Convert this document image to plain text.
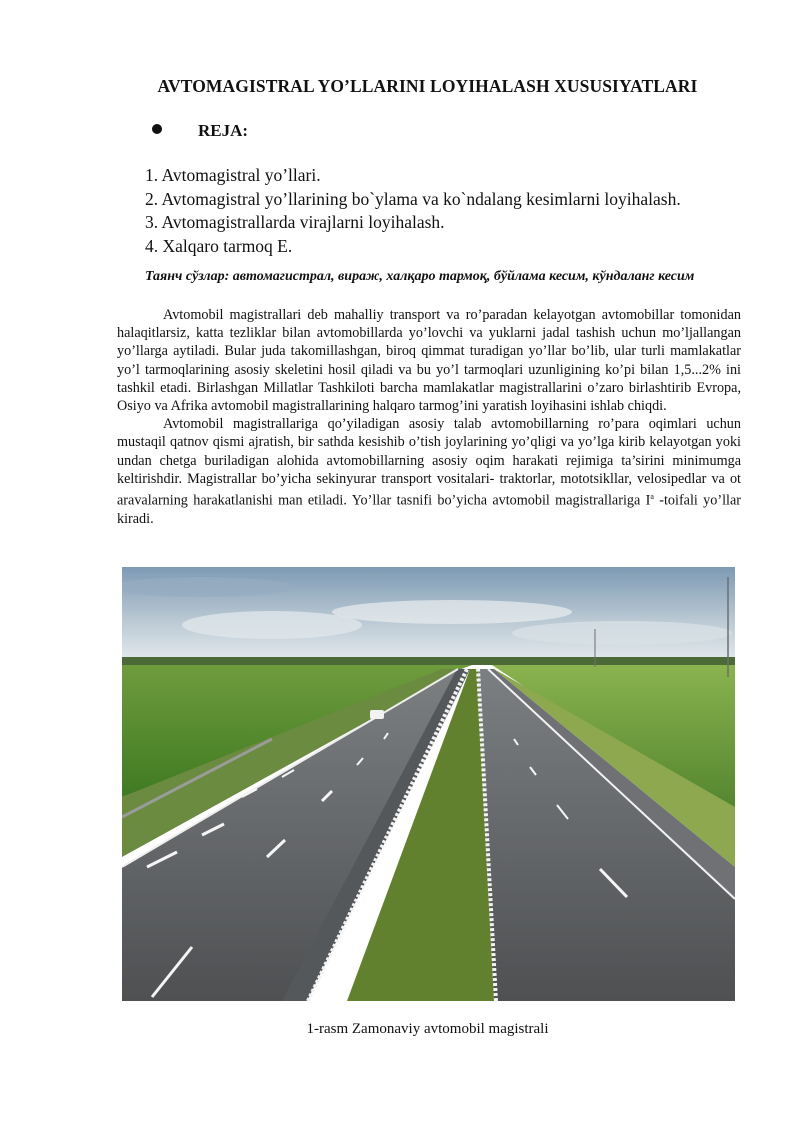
AVTOMAGISTRAL YO’LLARINI LOYIHALASH XUSUSIYATLARI
REJA:
1. Avtomagistral yo’llari.
2. Avtomagistral yo’llarining bo`ylama va ko`ndalang kesimlarni loyihalash.
3. Avtomagistrallarda virajlarni loyihalash.
4. Xalqaro tarmoq E.
Таянч сўзлар: автомагистрал, вираж, халқаро тармоқ, бўйлама кесим, кўндаланг кесим

Avtomobil magistrallari deb mahalliy transport va ro’paradan kelayotgan avtomobillar tomonidan halaqitlarsiz, katta tezliklar bilan avtomobillarda yo’lovchi va yuklarni jadal tashish uchun mo’ljallangan yo’llarga aytiladi. Bular juda takomillashgan, biroq qimmat turadigan yo’llar bo’lib, ular turli mamlakatlar yo’l tarmoqlarining asosiy skeletini hosil qiladi va bu yo’l tarmoqlari uzunligining ko’pi bilan 1,5...2% ini tashkil etadi. Birlashgan Millatlar Tashkiloti barcha mamlakatlar magistrallarini o’zaro birlashtirib Evropa, Osiyo va Afrika avtomobil magistrallarining halqaro tarmog’ini yaratish loyihasini ishlab chiqdi.

Avtomobil magistrallariga qo’yiladigan asosiy talab avtomobillarning ro’para oqimlari uchun mustaqil qatnov qismi ajratish, bir sathda kesishib o’tish joylarining yo’qligi va yo’lga kirib kelayotgan yoki undan chetga buriladigan alohida avtomobillarning asosiy oqim harakati rejimiga ta’sirini minimumga keltirishdir. Magistrallar bo’yicha sekinyurar transport vositalari- traktorlar, mototsikllar, velosipedlar va ot aravalarning harakatlanishi man etiladi. Yo’llar tasnifi bo’yicha avtomobil magistrallariga $I^a$ -toifali yo’llar kiradi.

1-rasm Zamonaviy avtomobil magistrali
